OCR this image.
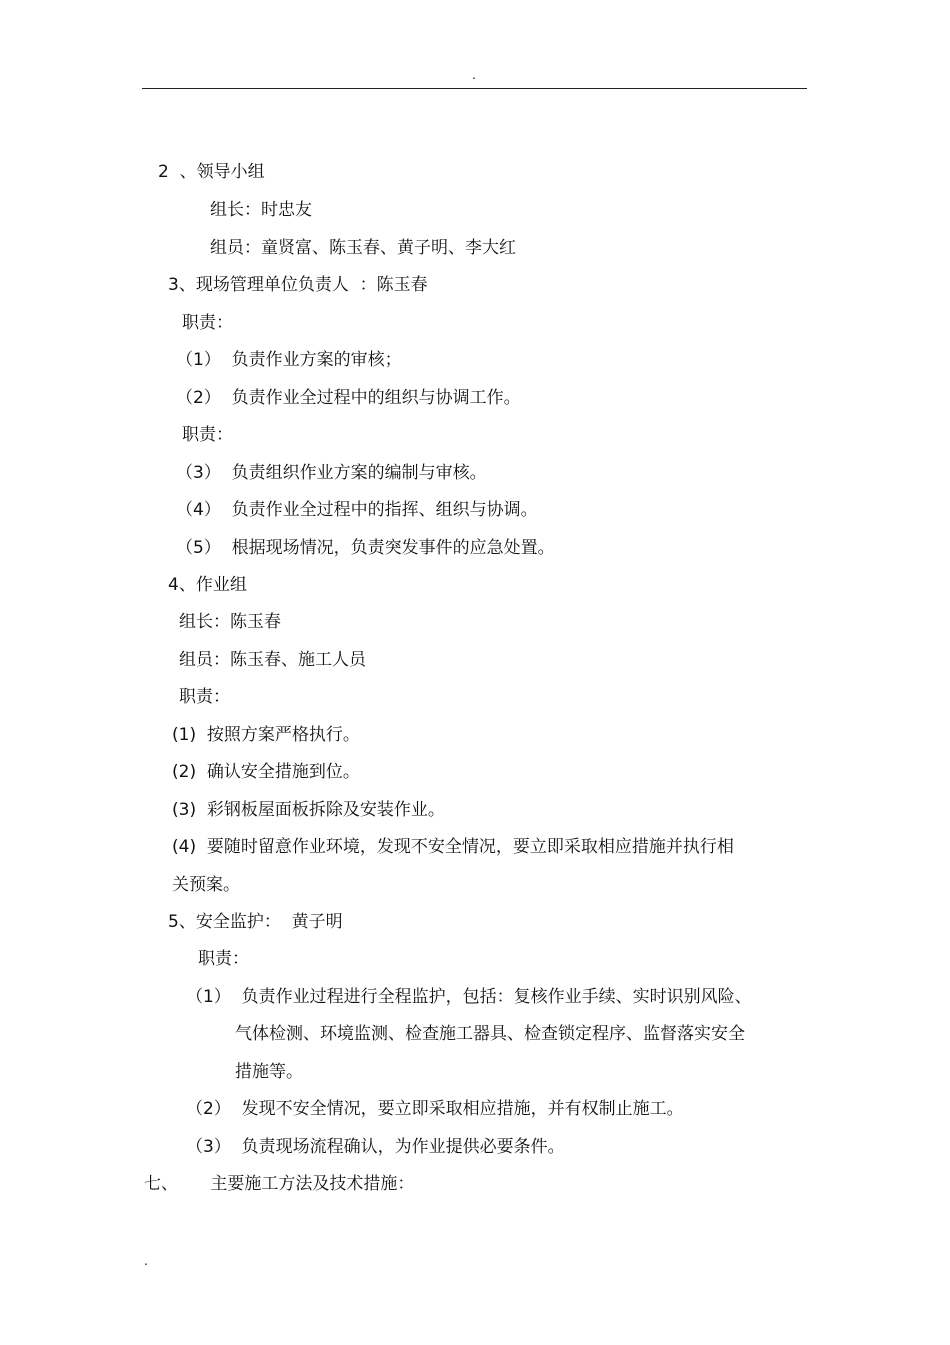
.
2  、领导小组
组长：时忠友
组员：童贤富、陈玉春、黄子明、李大红
3、现场管理单位负责人  ：陈玉春
职责：
（1）  负责作业方案的审核；
（2）  负责作业全过程中的组织与协调工作。
职责：
（3）  负责组织作业方案的编制与审核。
（4）  负责作业全过程中的指挥、组织与协调。
（5）  根据现场情况，负责突发事件的应急处置。
4、作业组
组长：陈玉春
组员：陈玉春、施工人员
职责：
(1)  按照方案严格执行。
(2)  确认安全措施到位。
(3)  彩钢板屋面板拆除及安装作业。
(4)  要随时留意作业环境，发现不安全情况，要立即采取相应措施并执行相
关预案。
5、安全监护：  黄子明
职责：
（1）  负责作业过程进行全程监护，包括：复核作业手续、实时识别风险、
气体检测、环境监测、检查施工器具、检查锁定程序、监督落实安全
措施等。
（2）  发现不安全情况，要立即采取相应措施，并有权制止施工。
（3）  负责现场流程确认，为作业提供必要条件。
七、      主要施工方法及技术措施：
.
